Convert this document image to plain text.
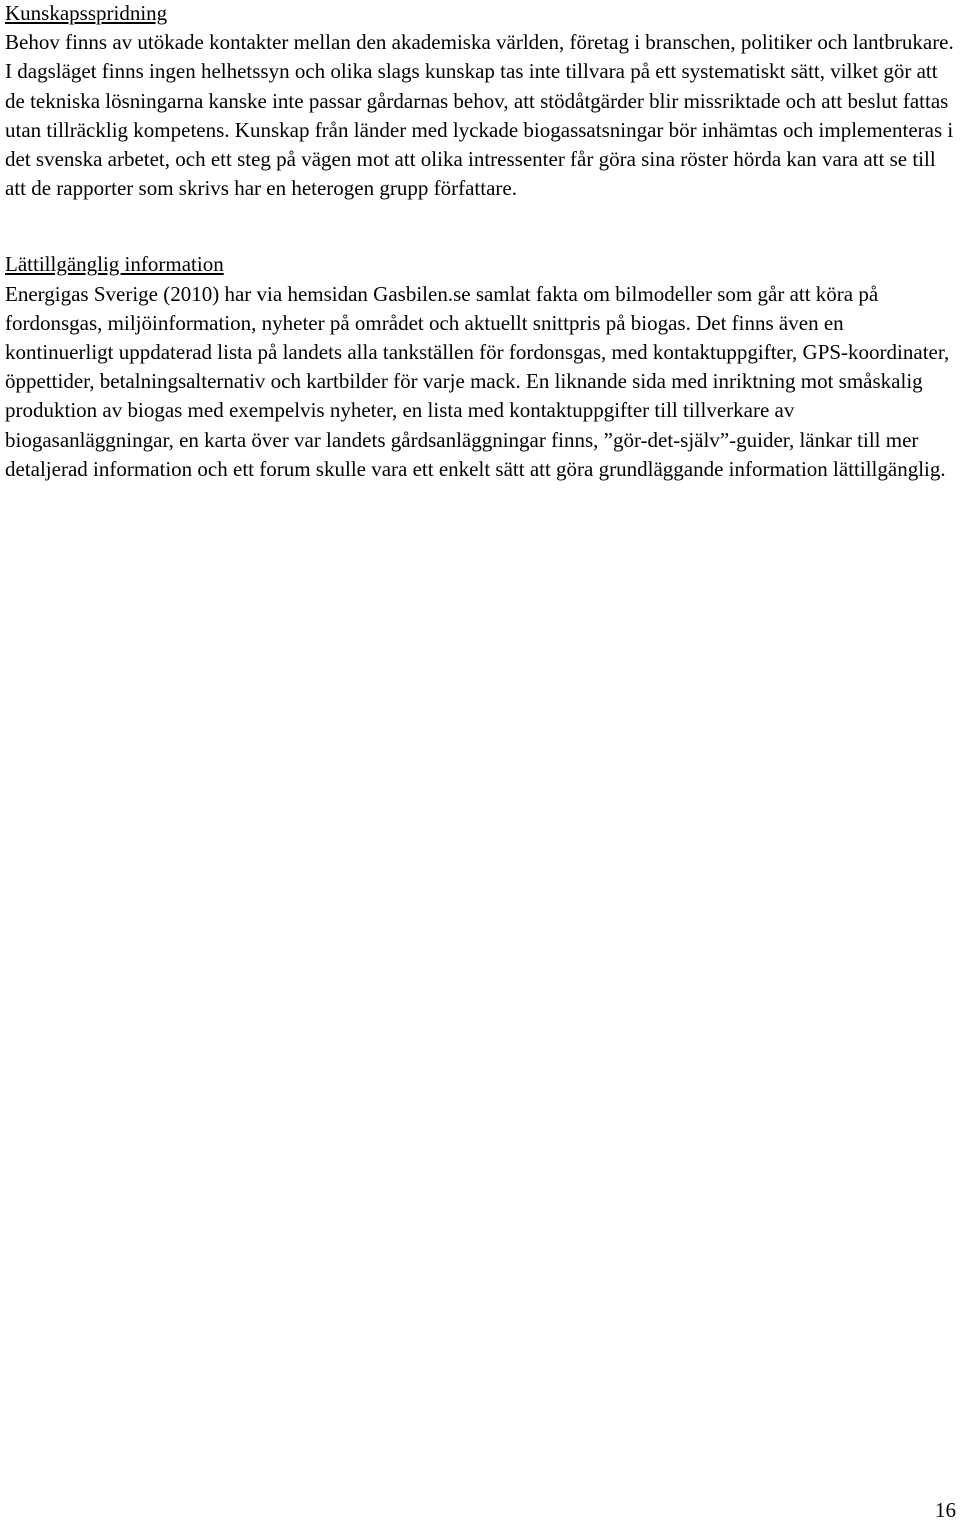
Kunskapsspridning

Behov finns av utökade kontakter mellan den akademiska världen, företag i branschen, politiker och lantbrukare. I dagsläget finns ingen helhetssyn och olika slags kunskap tas inte tillvara på ett systematiskt sätt, vilket gör att de tekniska lösningarna kanske inte passar gårdarnas behov, att stödåtgärder blir missriktade och att beslut fattas utan tillräcklig kompetens. Kunskap från länder med lyckade biogassatsningar bör inhämtas och implementeras i det svenska arbetet, och ett steg på vägen mot att olika intressenter får göra sina röster hörda kan vara att se till att de rapporter som skrivs har en heterogen grupp författare.

Lättillgänglig information

Energigas Sverige (2010) har via hemsidan Gasbilen.se samlat fakta om bilmodeller som går att köra på fordonsgas, miljöinformation, nyheter på området och aktuellt snittpris på biogas. Det finns även en kontinuerligt uppdaterad lista på landets alla tankställen för fordonsgas, med kontaktuppgifter, GPS-koordinater, öppettider, betalningsalternativ och kartbilder för varje mack. En liknande sida med inriktning mot småskalig produktion av biogas med exempelvis nyheter, en lista med kontaktuppgifter till tillverkare av biogasanläggningar, en karta över var landets gårdsanläggningar finns, ”gör-det-själv”-guider, länkar till mer detaljerad information och ett forum skulle vara ett enkelt sätt att göra grundläggande information lättillgänglig.

16
